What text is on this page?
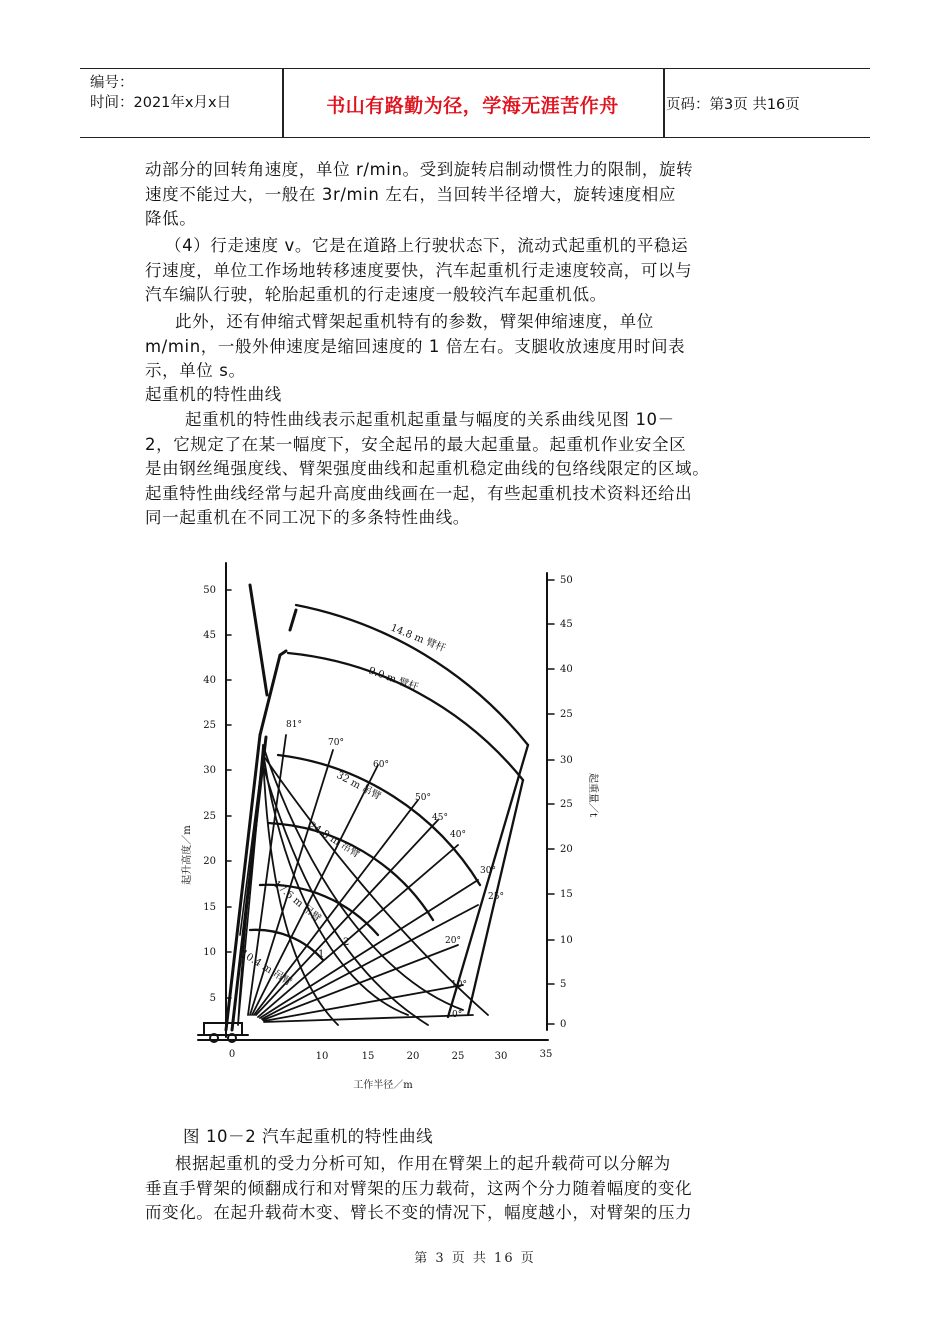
编号：
时间：2021年x月x日	书山有路勤为径，学海无涯苦作舟	页码：第3页 共16页
动部分的回转角速度，单位 r/min。受到旋转启制动惯性力的限制，旋转
速度不能过大，一般在 3r/min 左右，当回转半径增大，旋转速度相应
降低。
（4）行走速度 v。它是在道路上行驶状态下，流动式起重机的平稳运
行速度，单位工作场地转移速度要快，汽车起重机行走速度较高，可以与
汽车编队行驶，轮胎起重机的行走速度一般较汽车起重机低。
此外，还有伸缩式臂架起重机特有的参数，臂架伸缩速度，单位
m/min，一般外伸速度是缩回速度的 1 倍左右。支腿收放速度用时间表
示，单位 s。
起重机的特性曲线
起重机的特性曲线表示起重机起重量与幅度的关系曲线见图 10－
2，它规定了在某一幅度下，安全起吊的最大起重量。起重机作业安全区
是由钢丝绳强度线、臂架强度曲线和起重机稳定曲线的包络线限定的区域。
起重特性曲线经常与起升高度曲线画在一起，有些起重机技术资料还给出
同一起重机在不同工况下的多条特性曲线。
50
45
40
25
30
25
20
15
10
5
起升高度／m
50
45
40
25
30
25
20
15
10
5
0
起重量／t
0	10	15	20	25	30	35
工作半径／m
14.8 m 臂杆
9.0 m 臂杆
32 m 吊臂
24.8 m 吊臂
17.6 m 吊臂
10.4 m 吊臂
81°
70°
60°
50°
45°
40°
30°
25°
20°
10°
0°
1
2
图 10－2 汽车起重机的特性曲线
根据起重机的受力分析可知，作用在臂架上的起升载荷可以分解为
垂直手臂架的倾翻成行和对臂架的压力载荷，这两个分力随着幅度的变化
而变化。在起升载荷木变、臂长不变的情况下，幅度越小，对臂架的压力
第 3 页 共 16 页
